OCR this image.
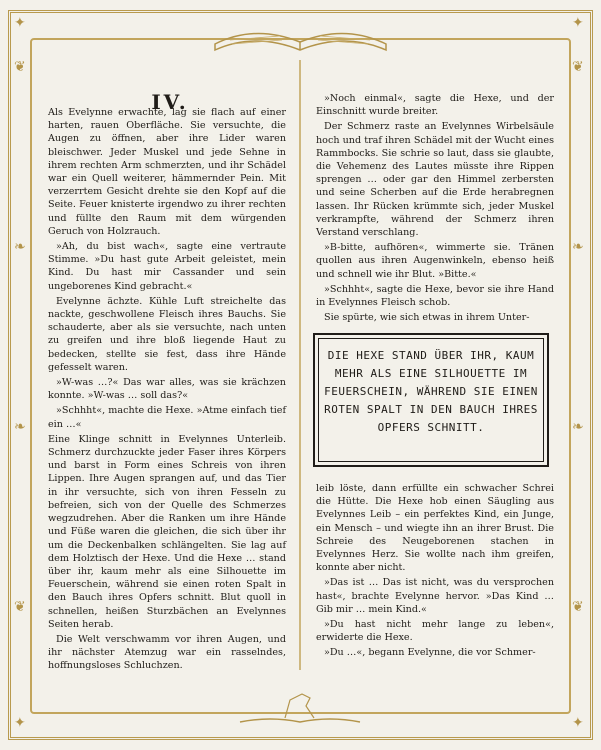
❦
❧
❧
❦
❦
❧
❧
❦
✦	✦
✦	✦
IV.

Als Evelynne erwachte, lag sie flach auf einer harten, rauen Oberfläche. Sie versuchte, die Augen zu öffnen, aber ihre Lider waren bleischwer. Jeder Muskel und jede Sehne in ihrem rechten Arm schmerzten, und ihr Schädel war ein Quell weiterer, hämmernder Pein. Mit verzerrtem Gesicht drehte sie den Kopf auf die Seite. Feuer knisterte irgendwo zu ihrer rechten und füllte den Raum mit dem würgenden Geruch von Holzrauch.

»Ah, du bist wach«, sagte eine vertraute Stimme. »Du hast gute Arbeit geleistet, mein Kind. Du hast mir Cassander und sein ungeborenes Kind gebracht.«

Evelynne ächzte. Kühle Luft streichelte das nackte, geschwollene Fleisch ihres Bauchs. Sie schauderte, aber als sie versuchte, nach unten zu greifen und ihre bloß liegende Haut zu bedecken, stellte sie fest, dass ihre Hände gefesselt waren.

»W-was …?« Das war alles, was sie krächzen konnte. »W-was … soll das?«

»Schhht«, machte die Hexe. »Atme einfach tief ein …«

Eine Klinge schnitt in Evelynnes Unterleib. Schmerz durchzuckte jeder Faser ihres Körpers und barst in Form eines Schreis von ihren Lippen. Ihre Augen sprangen auf, und das Tier in ihr versuchte, sich von ihren Fesseln zu befreien, sich von der Quelle des Schmerzes wegzudrehen. Aber die Ranken um ihre Hände und Füße waren die gleichen, die sich über ihr um die Deckenbalken schlängelten. Sie lag auf dem Holztisch der Hexe. Und die Hexe … stand über ihr, kaum mehr als eine Silhouette im Feuerschein, während sie einen roten Spalt in den Bauch ihres Opfers schnitt. Blut quoll in schnellen, heißen Sturzbächen an Evelynnes Seiten herab.

Die Welt verschwamm vor ihren Augen, und ihr nächster Atemzug war ein rasselndes, hoffnungsloses Schluchzen.

»Noch einmal«, sagte die Hexe, und der Einschnitt wurde breiter.

Der Schmerz raste an Evelynnes Wirbelsäule hoch und traf ihren Schädel mit der Wucht eines Rammbocks. Sie schrie so laut, dass sie glaubte, die Vehemenz des Lautes müsste ihre Rippen sprengen … oder gar den Himmel zerbersten und seine Scherben auf die Erde herabregnen lassen. Ihr Rücken krümmte sich, jeder Muskel verkrampfte, während der Schmerz ihren Verstand verschlang.

»B-bitte, aufhören«, wimmerte sie. Tränen quollen aus ihren Augenwinkeln, ebenso heiß und schnell wie ihr Blut. »Bitte.«

»Schhht«, sagte die Hexe, bevor sie ihre Hand in Evelynnes Fleisch schob.

Sie spürte, wie sich etwas in ihrem Unter-

DIE HEXE STAND ÜBER IHR, KAUM MEHR ALS EINE SILHOUETTE IM FEUERSCHEIN, WÄHREND SIE EINEN ROTEN SPALT IN DEN BAUCH IHRES OPFERS SCHNITT.

leib löste, dann erfüllte ein schwacher Schrei die Hütte. Die Hexe hob einen Säugling aus Evelynnes Leib – ein perfektes Kind, ein Junge, ein Mensch – und wiegte ihn an ihrer Brust. Die Schreie des Neugeborenen stachen in Evelynnes Herz. Sie wollte nach ihm greifen, konnte aber nicht.

»Das ist … Das ist nicht, was du versprochen hast«, brachte Evelynne hervor. »Das Kind … Gib mir … mein Kind.«

»Du hast nicht mehr lange zu leben«, erwiderte die Hexe.

»Du …«, begann Evelynne, die vor Schmer-
